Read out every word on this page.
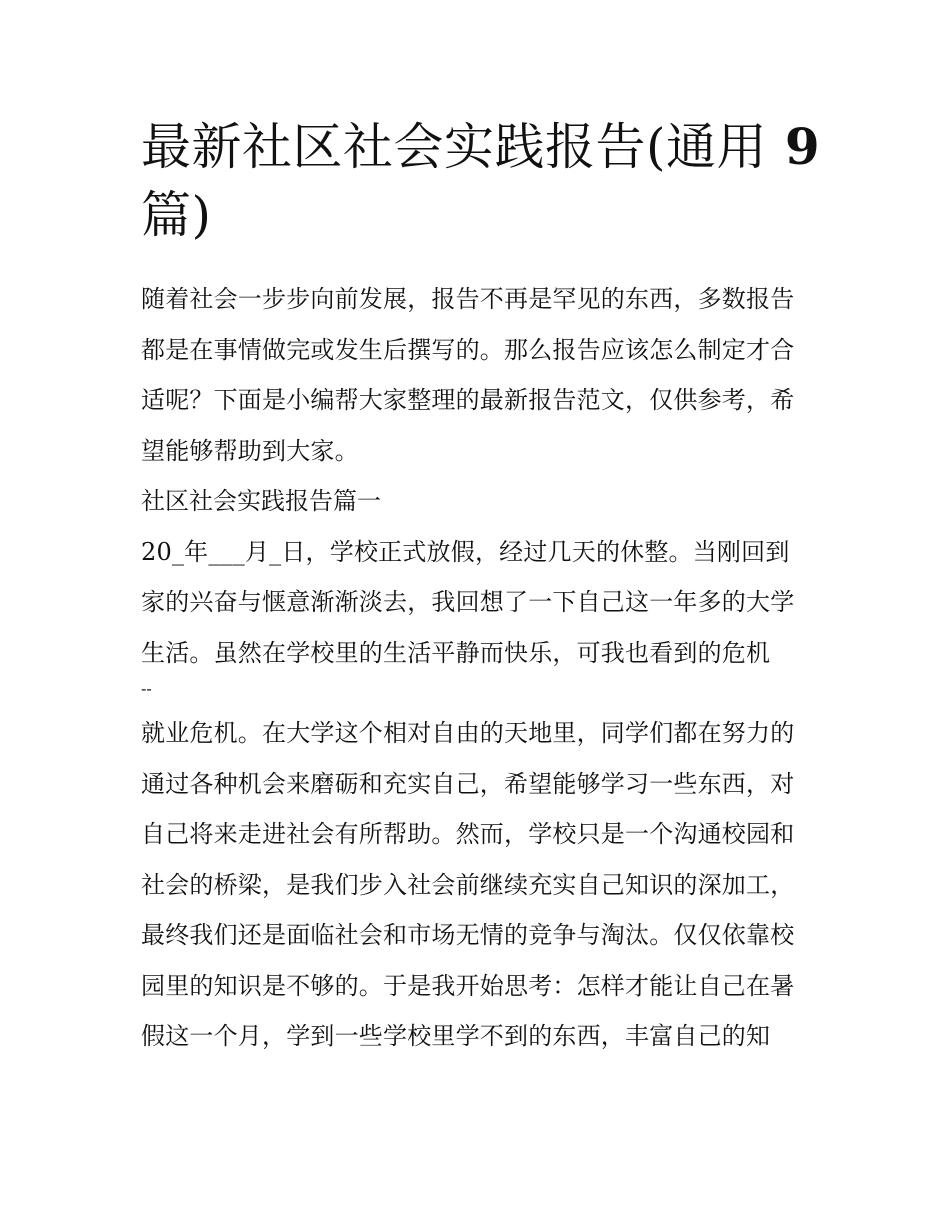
最新社区社会实践报告(通用 9
篇)

随着社会一步步向前发展，报告不再是罕见的东西，多数报告都是在事情做完或发生后撰写的。那么报告应该怎么制定才合适呢？下面是小编帮大家整理的最新报告范文，仅供参考，希望能够帮助到大家。

社区社会实践报告篇一

20_年___月_日，学校正式放假，经过几天的休整。当刚回到家的兴奋与惬意渐渐淡去，我回想了一下自己这一年多的大学生活。虽然在学校里的生活平静而快乐，可我也看到的危机

--

就业危机。在大学这个相对自由的天地里，同学们都在努力的通过各种机会来磨砺和充实自己，希望能够学习一些东西，对自己将来走进社会有所帮助。然而，学校只是一个沟通校园和社会的桥梁，是我们步入社会前继续充实自己知识的深加工，最终我们还是面临社会和市场无情的竞争与淘汰。仅仅依靠校园里的知识是不够的。于是我开始思考：怎样才能让自己在暑假这一个月，学到一些学校里学不到的东西，丰富自己的知
